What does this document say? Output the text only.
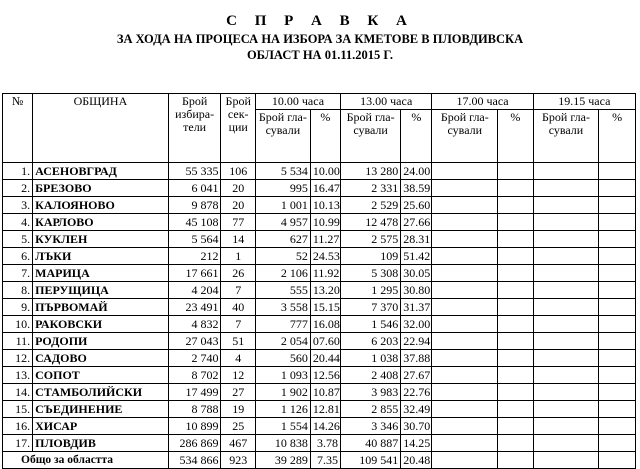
С П Р А В К А
ЗА ХОДА НА ПРОЦЕСА НА ИЗБОРА ЗА КМЕТОВЕ В ПЛОВДИВСКА
ОБЛАСТ НА 01.11.2015 Г.
№	ОБЩИНА	Брой избира-тели	Брой сек-ции	10.00 часа		13.00 часа		17.00 часа		19.15 часа	
				Брой гла-сували	%	Брой гла-сували	%	Брой гла-сували	%	Брой гла-сували	%
1.	АСЕНОВГРАД	55 335	106	5 534	10.00	13 280	24.00				
2.	БРЕЗОВО	6 041	20	995	16.47	2 331	38.59				
3.	КАЛОЯНОВО	9 878	20	1 001	10.13	2 529	25.60				
4.	КАРЛОВО	45 108	77	4 957	10.99	12 478	27.66				
5.	КУКЛЕН	5 564	14	627	11.27	2 575	28.31				
6.	ЛЪКИ	212	1	52	24.53	109	51.42				
7.	МАРИЦА	17 661	26	2 106	11.92	5 308	30.05				
8.	ПЕРУЩИЦА	4 204	7	555	13.20	1 295	30.80				
9.	ПЪРВОМАЙ	23 491	40	3 558	15.15	7 370	31.37				
10.	РАКОВСКИ	4 832	7	777	16.08	1 546	32.00				
11.	РОДОПИ	27 043	51	2 054	07.60	6 203	22.94				
12.	САДОВО	2 740	4	560	20.44	1 038	37.88				
13.	СОПОТ	8 702	12	1 093	12.56	2 408	27.67				
14.	СТАМБОЛИЙСКИ	17 499	27	1 902	10.87	3 983	22.76				
15.	СЪЕДИНЕНИЕ	8 788	19	1 126	12.81	2 855	32.49				
16.	ХИСАР	10 899	25	1 554	14.26	3 346	30.70				
17.	ПЛОВДИВ	286 869	467	10 838	3.78	40 887	14.25				
Общо за областта		534 866	923	39 289	7.35	109 541	20.48				
